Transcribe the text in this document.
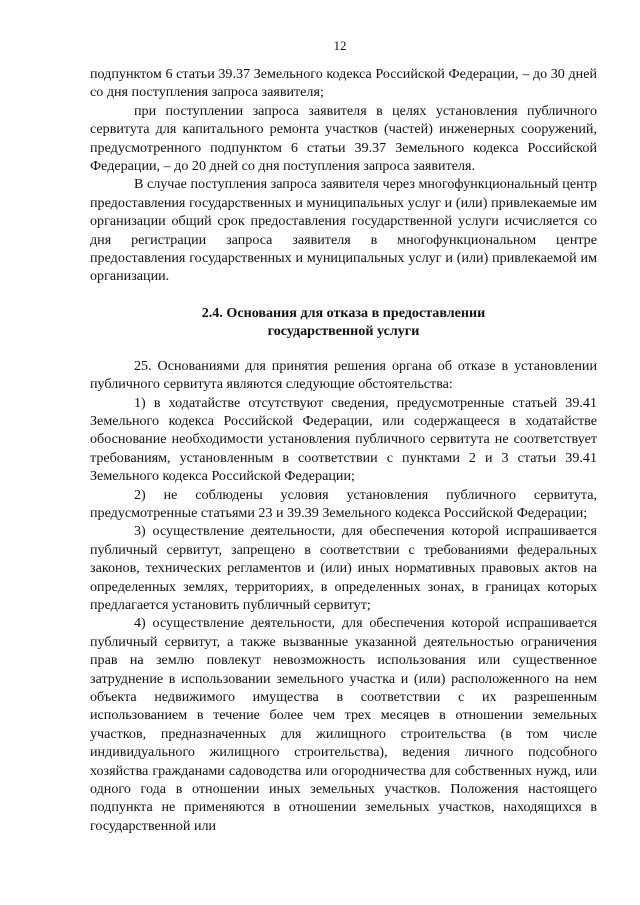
12

подпунктом 6 статьи 39.37 Земельного кодекса Российской Федерации, – до 30 дней со дня поступления запроса заявителя;

при поступлении запроса заявителя в целях установления публичного сервитута для капитального ремонта участков (частей) инженерных сооружений, предусмотренного подпунктом 6 статьи 39.37 Земельного кодекса Российской Федерации, – до 20 дней со дня поступления запроса заявителя.

В случае поступления запроса заявителя через многофункциональный центр предоставления государственных и муниципальных услуг и (или) привлекаемые им организации общий срок предоставления государственной услуги исчисляется со дня регистрации запроса заявителя в многофункциональном центре предоставления государственных и муниципальных услуг и (или) привлекаемой им организации.

2.4. Основания для отказа в предоставлении
государственной услуги

25. Основаниями для принятия решения органа об отказе в установлении публичного сервитута являются следующие обстоятельства:

1) в ходатайстве отсутствуют сведения, предусмотренные статьей 39.41 Земельного кодекса Российской Федерации, или содержащееся в ходатайстве обоснование необходимости установления публичного сервитута не соответствует требованиям, установленным в соответствии с пунктами 2 и 3 статьи 39.41 Земельного кодекса Российской Федерации;

2) не соблюдены условия установления публичного сервитута, предусмотренные статьями 23 и 39.39 Земельного кодекса Российской Федерации;

3) осуществление деятельности, для обеспечения которой испрашивается публичный сервитут, запрещено в соответствии с требованиями федеральных законов, технических регламентов и (или) иных нормативных правовых актов на определенных землях, территориях, в определенных зонах, в границах которых предлагается установить публичный сервитут;

4) осуществление деятельности, для обеспечения которой испрашивается публичный сервитут, а также вызванные указанной деятельностью ограничения прав на землю повлекут невозможность использования или существенное затруднение в использовании земельного участка и (или) расположенного на нем объекта недвижимого имущества в соответствии с их разрешенным использованием в течение более чем трех месяцев в отношении земельных участков, предназначенных для жилищного строительства (в том числе индивидуального жилищного строительства), ведения личного подсобного хозяйства гражданами садоводства или огородничества для собственных нужд, или одного года в отношении иных земельных участков. Положения настоящего подпункта не применяются в отношении земельных участков, находящихся в государственной или
